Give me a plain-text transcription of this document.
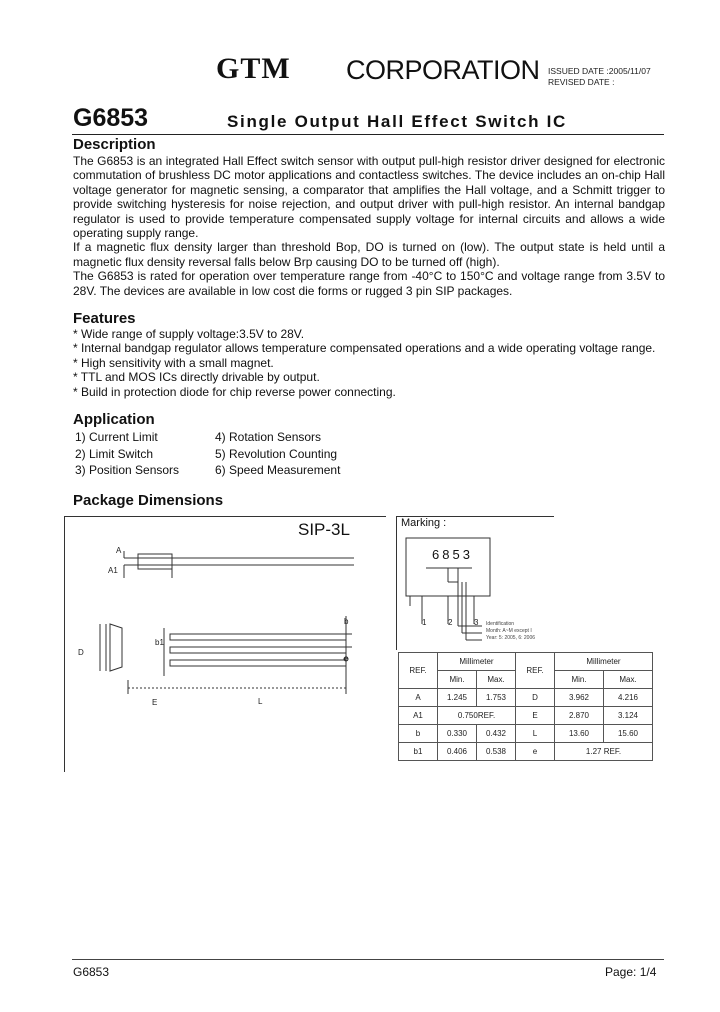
GTM CORPORATION ISSUED DATE :2005/11/07
REVISED DATE :
G6853	Single Output Hall Effect Switch IC
Description

The G6853 is an integrated Hall Effect switch sensor with output pull-high resistor driver designed for electronic commutation of brushless DC motor applications and contactless switches. The device includes an on-chip Hall voltage generator for magnetic sensing, a comparator that amplifies the Hall voltage, and a Schmitt trigger to provide switching hysteresis for noise rejection, and output driver with pull-high resistor. An internal bandgap regulator is used to provide temperature compensated supply voltage for internal circuits and allows a wide operating supply range.

If a magnetic flux density larger than threshold Bop, DO is turned on (low). The output state is held until a magnetic flux density reversal falls below Brp causing DO to be turned off (high).

The G6853 is rated for operation over temperature range from -40°C to 150°C and voltage range from 3.5V to 28V. The devices are available in low cost die forms or rugged 3 pin SIP packages.

Features
* Wide range of supply voltage:3.5V to 28V.
* Internal bandgap regulator allows temperature compensated operations and a wide operating voltage range.
* High sensitivity with a small magnet.
* TTL and MOS ICs directly drivable by output.
* Build in protection diode for chip reverse power connecting.
Application
1) Current Limit
2) Limit Switch
3) Position Sensors
4) Rotation Sensors
5) Revolution Counting
6) Speed Measurement
Package Dimensions
SIP-3L
A
A1
D
b1
b
e
E	L
Marking :
6853
1	2	3 Identification
Month: A~M except I
Year: 5: 2005, 6: 2006
REF.	Millimeter		REF.	Millimeter	
	Min.	Max.		Min.	Max.
A	1.245	1.753	D	3.962	4.216
A1	0.750REF.		E	2.870	3.124
b	0.330	0.432	L	13.60	15.60
b1	0.406	0.538	e	1.27 REF.	
G6853	Page: 1/4
